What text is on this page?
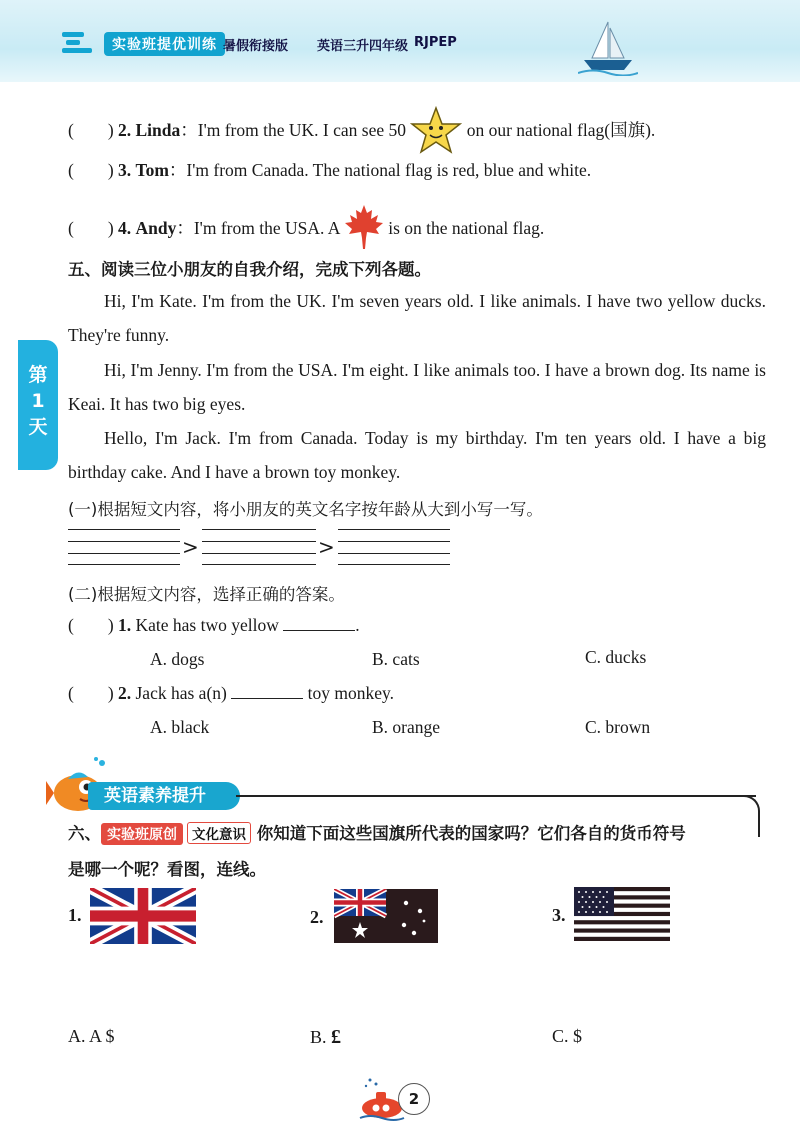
实验班提优训练 暑假衔接版 英语三升四年级 RJPEP
第
1
天
( ) 2. Linda：I'm from the UK. I can see 50	on our national flag(国旗).
( ) 3. Tom：I'm from Canada. The national flag is red, blue and white.
( ) 4. Andy：I'm from the USA. A	is on the national flag.
五、阅读三位小朋友的自我介绍，完成下列各题。
Hi, I'm Kate. I'm from the UK. I'm seven years old. I like animals. I have two yellow ducks. They're funny.
Hi, I'm Jenny. I'm from the USA. I'm eight. I like animals too. I have a brown dog. Its name is Keai. It has two big eyes.
Hello, I'm Jack. I'm from Canada. Today is my birthday. I'm ten years old. I have a big birthday cake. And I have a brown toy monkey.
(一)根据短文内容，将小朋友的英文名字按年龄从大到小写一写。
>	>
(二)根据短文内容，选择正确的答案。
( ) 1. Kate has two yellow	.
A. dogs	B. cats	C. ducks
( ) 2. Jack has a(n)	toy monkey.
A. black	B. orange	C. brown
英语素养提升
六、 实验班原创 文化意识 你知道下面这些国旗所代表的国家吗？它们各自的货币符号
是哪一个呢？看图，连线。
1.	2.	3.
A. A $	B. £	C. $
2
